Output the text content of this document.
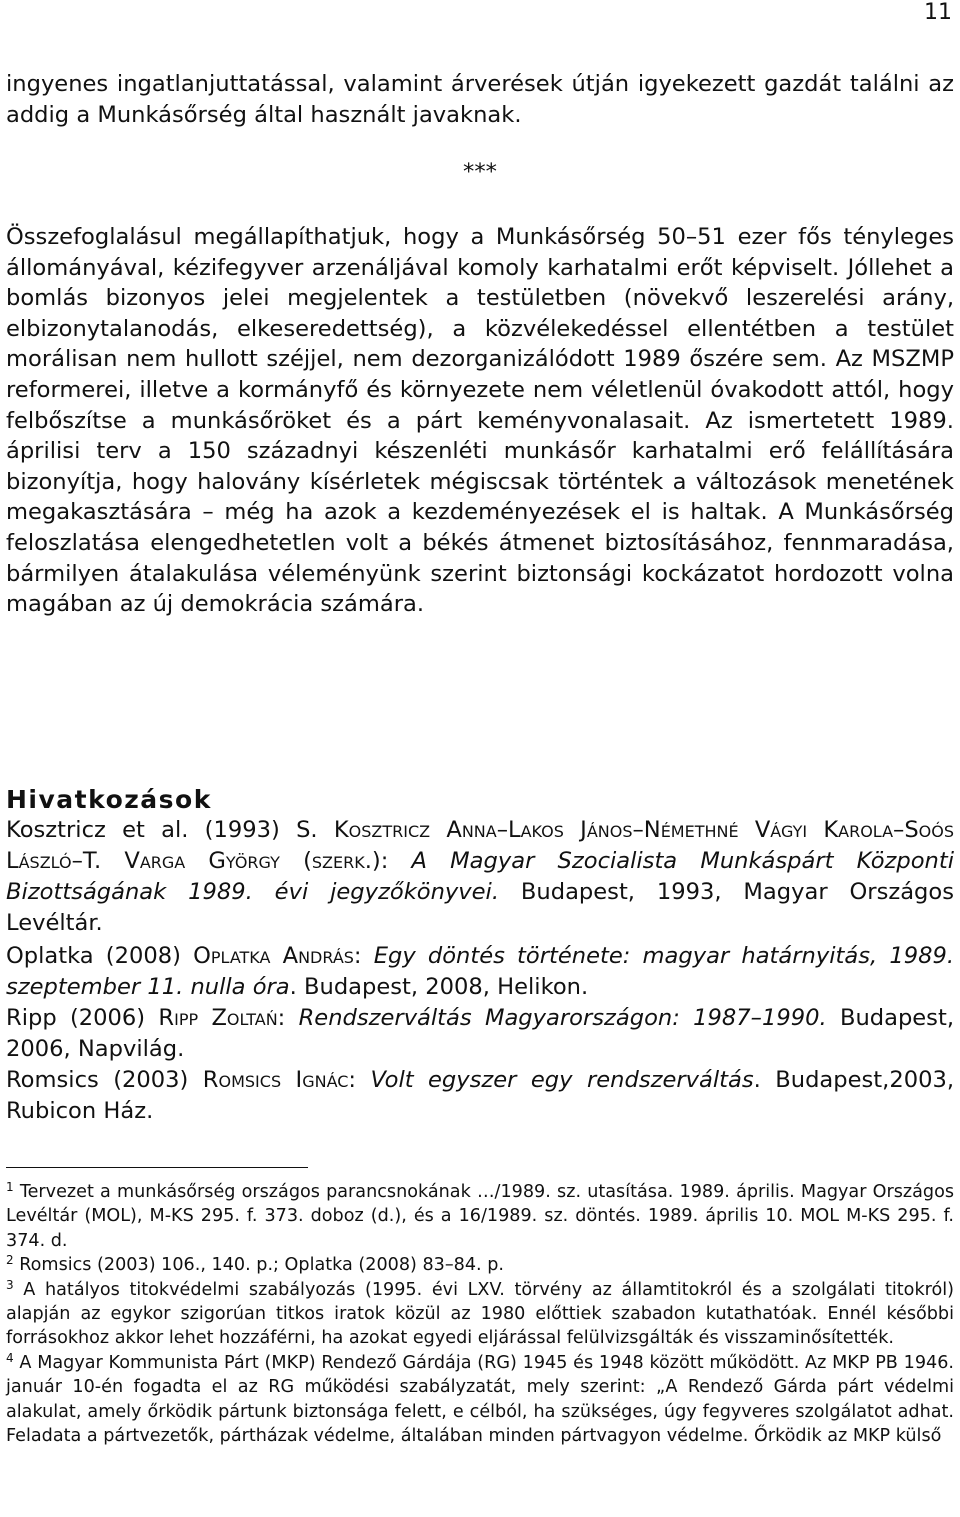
11

ingyenes ingatlanjuttatással, valamint árverések útján igyekezett gazdát találni az addig a Munkásőrség által használt javaknak.

***

Összefoglalásul megállapíthatjuk, hogy a Munkásőrség 50–51 ezer fős tényleges állományával, kézifegyver arzenáljával komoly karhatalmi erőt képviselt. Jóllehet a bomlás bizonyos jelei megjelentek a testületben (növekvő leszerelési arány, elbizonytalanodás, elkeseredettség), a közvélekedéssel ellentétben a testület morálisan nem hullott széjjel, nem dezorganizálódott 1989 őszére sem. Az MSZMP reformerei, illetve a kormányfő és környezete nem véletlenül óvakodott attól, hogy felbőszítse a munkásőröket és a párt keményvonalasait. Az ismertetett 1989. áprilisi terv a 150 századnyi készenléti munkásőr karhatalmi erő felállítására bizonyítja, hogy halovány kísérletek mégiscsak történtek a változások menetének megakasztására – még ha azok a kezdeményezések el is haltak. A Munkásőrség feloszlatása elengedhetetlen volt a békés átmenet biztosításához, fennmaradása, bármilyen átalakulása véleményünk szerint biztonsági kockázatot hordozott volna magában az új demokrácia számára.

Hivatkozások

Kosztricz et al. (1993) S. Kosztricz Anna–Lakos János–Némethné Vágyi Karola–Soós László–T. Varga György (szerk.): A Magyar Szocialista Munkáspárt Központi Bizottságának 1989. évi jegyzőkönyvei. Budapest, 1993, Magyar Országos Levéltár.

Oplatka (2008) Oplatka András: Egy döntés története: magyar határnyitás, 1989. szeptember 11. nulla óra. Budapest, 2008, Helikon.

Ripp (2006) Ripp Zoltań: Rendszerváltás Magyarországon: 1987–1990. Budapest, 2006, Napvilág.

Romsics (2003) Romsics Ignác: Volt egyszer egy rendszerváltás. Budapest,2003, Rubicon Ház.

$^1$ Tervezet a munkásőrség országos parancsnokának …/1989. sz. utasítása. 1989. április. Magyar Országos Levéltár (MOL), M-KS 295. f. 373. doboz (d.), és a 16/1989. sz. döntés. 1989. április 10. MOL M-KS 295. f. 374. d.

$^2$ Romsics (2003) 106., 140. p.; Oplatka (2008) 83–84. p.

$^3$ A hatályos titokvédelmi szabályozás (1995. évi LXV. törvény az államtitokról és a szolgálati titokról) alapján az egykor szigorúan titkos iratok közül az 1980 előttiek szabadon kutathatóak. Ennél későbbi forrásokhoz akkor lehet hozzáférni, ha azokat egyedi eljárással felülvizsgálták és visszaminősítették.

$^4$ A Magyar Kommunista Párt (MKP) Rendező Gárdája (RG) 1945 és 1948 között működött. Az MKP PB 1946. január 10-én fogadta el az RG működési szabályzatát, mely szerint: „A Rendező Gárda párt védelmi alakulat, amely őrködik pártunk biztonsága felett, e célból, ha szükséges, úgy fegyveres szolgálatot adhat. Feladata a pártvezetők, pártházak védelme, általában minden pártvagyon védelme. Őrködik az MKP külső
